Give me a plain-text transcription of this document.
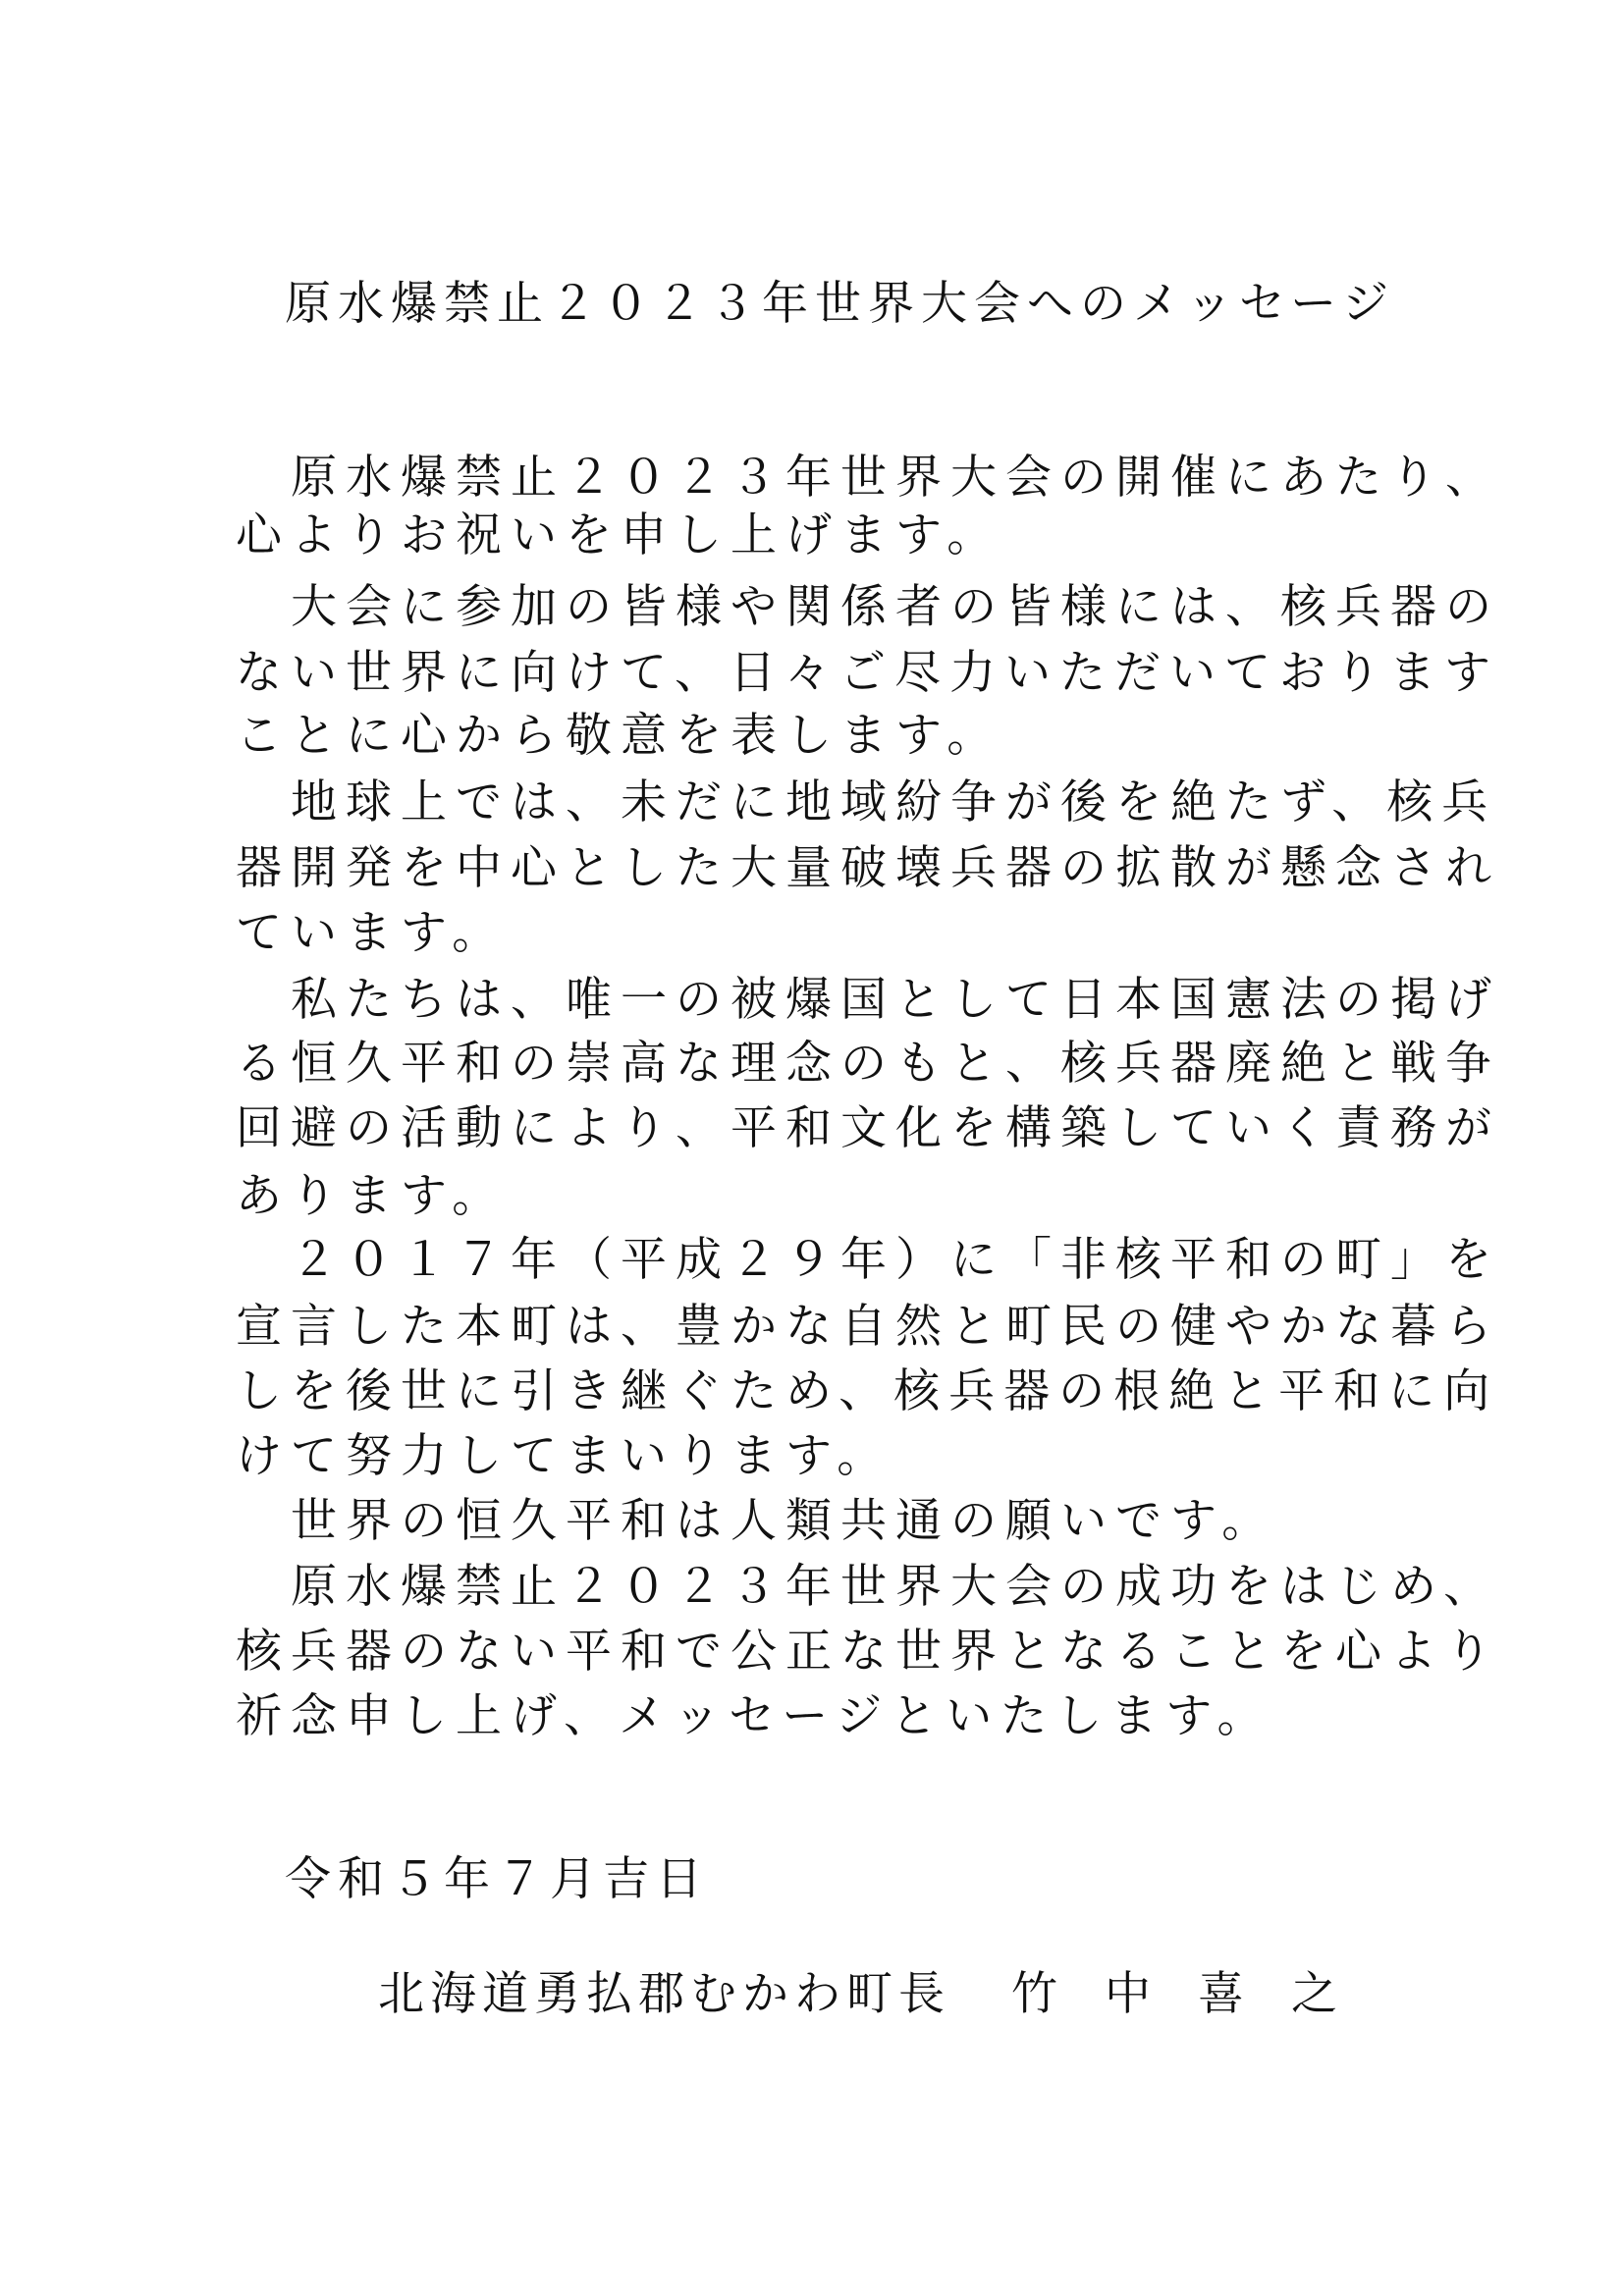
原水爆禁止２０２３年世界大会へのメッセージ
　原水爆禁止２０２３年世界大会の開催にあたり、
心よりお祝いを申し上げます。
　大会に参加の皆様や関係者の皆様には、核兵器の
ない世界に向けて、日々ご尽力いただいております
ことに心から敬意を表します。
　地球上では、未だに地域紛争が後を絶たず、核兵
器開発を中心とした大量破壊兵器の拡散が懸念され
ています。
　私たちは、唯一の被爆国として日本国憲法の掲げ
る恒久平和の崇高な理念のもと、核兵器廃絶と戦争
回避の活動により、平和文化を構築していく責務が
あります。
　２０１７年（平成２９年）に「非核平和の町」を
宣言した本町は、豊かな自然と町民の健やかな暮ら
しを後世に引き継ぐため、核兵器の根絶と平和に向
けて努力してまいります。
　世界の恒久平和は人類共通の願いです。
　原水爆禁止２０２３年世界大会の成功をはじめ、
核兵器のない平和で公正な世界となることを心より
祈念申し上げ、メッセージといたします。
令和５年７月吉日
北海道勇払郡むかわ町長 竹 中 喜 之
